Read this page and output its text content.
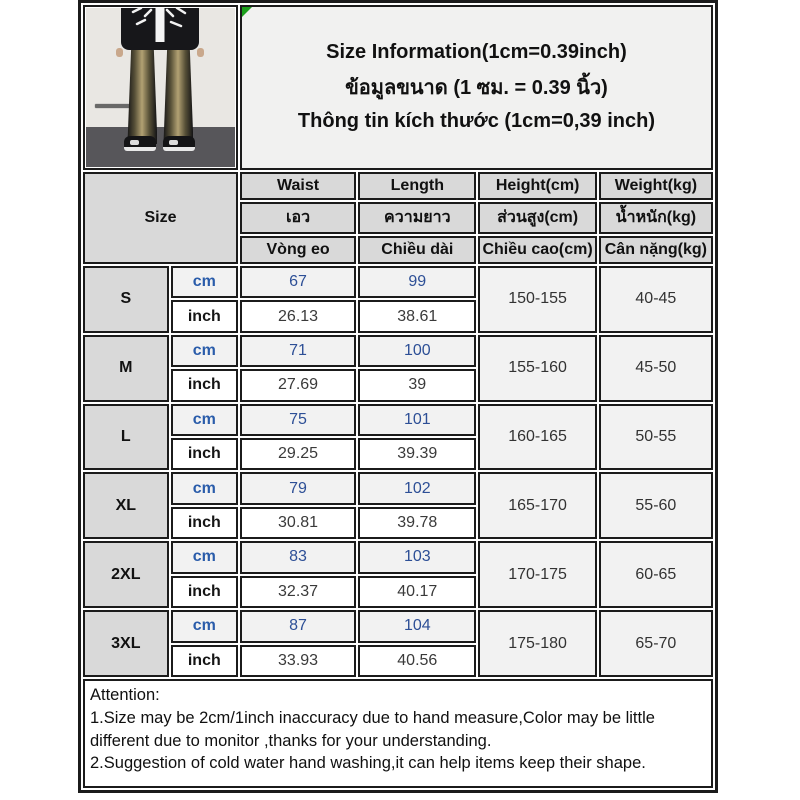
Size Information(1cm=0.39inch)
ข้อมูลขนาด (1 ซม. = 0.39 นิ้ว)
Thông tin kích thước (1cm=0,39 inch)			

Size		Waist	Length	Height(cm)	Weight(kg)
		เอว	ความยาว	ส่วนสูง(cm)	น้ำหนัก(kg)
		Vòng eo	Chiều dài	Chiều cao(cm)	Cân nặng(kg)
S	cm	67	99	150-155	40-45
	inch	26.13	38.61		
M	cm	71	100	155-160	45-50
	inch	27.69	39		
L	cm	75	101	160-165	50-55
	inch	29.25	39.39		
XL	cm	79	102	165-170	55-60
	inch	30.81	39.78		
2XL	cm	83	103	170-175	60-65
	inch	32.37	40.17		
3XL	cm	87	104	175-180	65-70
	inch	33.93	40.56		

Attention:
1.Size may be 2cm/1inch inaccuracy due to hand measure,Color may be little different due to monitor ,thanks for your understanding.
2.Suggestion of cold water hand washing,it can help items keep their shape.					
